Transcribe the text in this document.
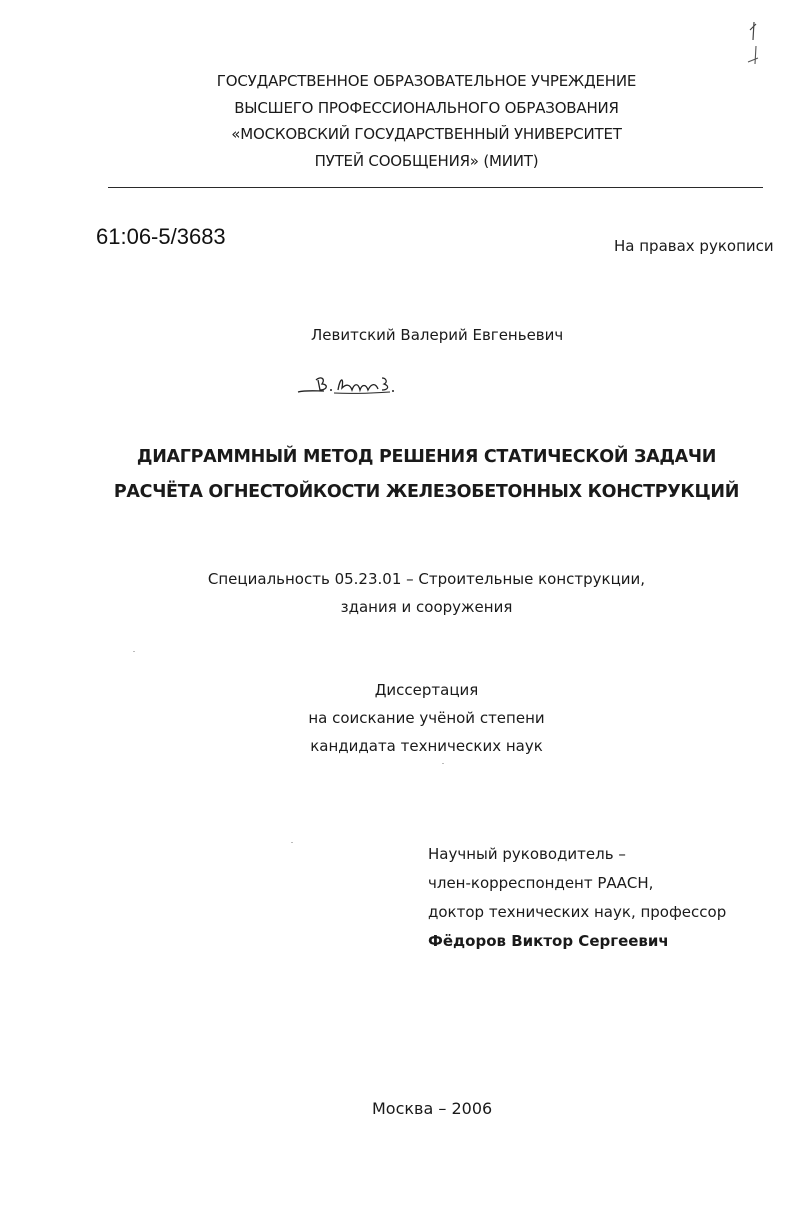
ГОСУДАРСТВЕННОЕ ОБРАЗОВАТЕЛЬНОЕ УЧРЕЖДЕНИЕ
ВЫСШЕГО ПРОФЕССИОНАЛЬНОГО ОБРАЗОВАНИЯ
«МОСКОВСКИЙ ГОСУДАРСТВЕННЫЙ УНИВЕРСИТЕТ
ПУТЕЙ СООБЩЕНИЯ» (МИИТ)
61:06-5/3683	На правах рукописи
Левитский Валерий Евгеньевич
ДИАГРАММНЫЙ МЕТОД РЕШЕНИЯ СТАТИЧЕСКОЙ ЗАДАЧИ
РАСЧЁТА ОГНЕСТОЙКОСТИ ЖЕЛЕЗОБЕТОННЫХ КОНСТРУКЦИЙ
Специальность 05.23.01 – Строительные конструкции,
здания и сооружения
Диссертация
на соискание учёной степени
кандидата технических наук
Научный руководитель –
член-корреспондент РААСН,
доктор технических наук, профессор
Фёдоров Виктор Сергеевич
Москва – 2006
